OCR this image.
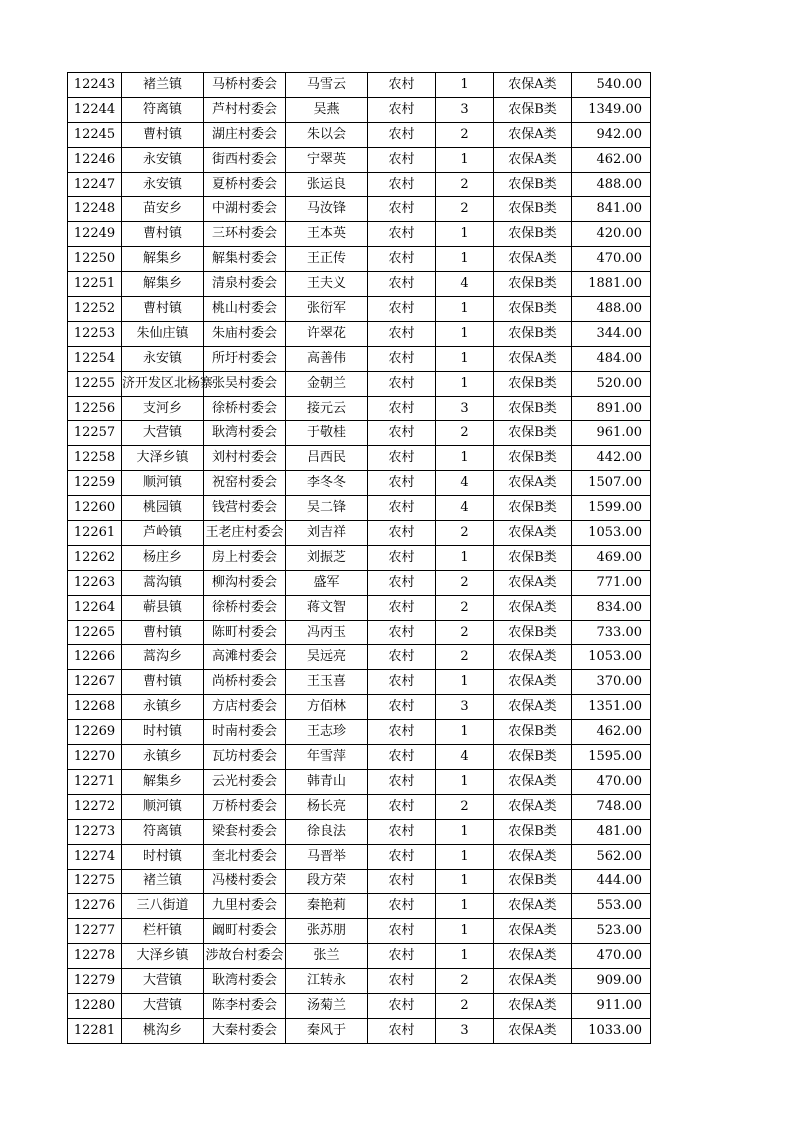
12243	褚兰镇	马桥村委会	马雪云	农村	1	农保A类	540.00
12244	符离镇	芦村村委会	吴燕	农村	3	农保B类	1349.00
12245	曹村镇	湖庄村委会	朱以会	农村	2	农保A类	942.00
12246	永安镇	街西村委会	宁翠英	农村	1	农保A类	462.00
12247	永安镇	夏桥村委会	张运良	农村	2	农保B类	488.00
12248	苗安乡	中湖村委会	马汝锋	农村	2	农保B类	841.00
12249	曹村镇	三环村委会	王本英	农村	1	农保B类	420.00
12250	解集乡	解集村委会	王正传	农村	1	农保A类	470.00
12251	解集乡	清泉村委会	王夫义	农村	4	农保B类	1881.00
12252	曹村镇	桃山村委会	张衍军	农村	1	农保B类	488.00
12253	朱仙庄镇	朱庙村委会	许翠花	农村	1	农保B类	344.00
12254	永安镇	所圩村委会	高善伟	农村	1	农保A类	484.00
12255	济开发区北杨寨	张吴村委会	金朝兰	农村	1	农保B类	520.00
12256	支河乡	徐桥村委会	接元云	农村	3	农保B类	891.00
12257	大营镇	耿湾村委会	于敬桂	农村	2	农保B类	961.00
12258	大泽乡镇	刘村村委会	吕西民	农村	1	农保B类	442.00
12259	顺河镇	祝窑村委会	李冬冬	农村	4	农保A类	1507.00
12260	桃园镇	钱营村委会	吴二锋	农村	4	农保B类	1599.00
12261	芦岭镇	王老庄村委会	刘吉祥	农村	2	农保A类	1053.00
12262	杨庄乡	房上村委会	刘振芝	农村	1	农保B类	469.00
12263	蒿沟镇	柳沟村委会	盛军	农村	2	农保A类	771.00
12264	蕲县镇	徐桥村委会	蒋文智	农村	2	农保A类	834.00
12265	曹村镇	陈町村委会	冯丙玉	农村	2	农保B类	733.00
12266	蒿沟乡	高滩村委会	吴远亮	农村	2	农保A类	1053.00
12267	曹村镇	尚桥村委会	王玉喜	农村	1	农保A类	370.00
12268	永镇乡	方店村委会	方佰林	农村	3	农保A类	1351.00
12269	时村镇	时南村委会	王志珍	农村	1	农保B类	462.00
12270	永镇乡	瓦坊村委会	年雪萍	农村	4	农保B类	1595.00
12271	解集乡	云光村委会	韩青山	农村	1	农保A类	470.00
12272	顺河镇	万桥村委会	杨长亮	农村	2	农保A类	748.00
12273	符离镇	梁套村委会	徐良法	农村	1	农保B类	481.00
12274	时村镇	奎北村委会	马晋举	农村	1	农保A类	562.00
12275	褚兰镇	冯楼村委会	段方荣	农村	1	农保B类	444.00
12276	三八街道	九里村委会	秦艳莉	农村	1	农保A类	553.00
12277	栏杆镇	阚町村委会	张苏朋	农村	1	农保A类	523.00
12278	大泽乡镇	涉故台村委会	张兰	农村	1	农保A类	470.00
12279	大营镇	耿湾村委会	江转永	农村	2	农保A类	909.00
12280	大营镇	陈李村委会	汤菊兰	农村	2	农保A类	911.00
12281	桃沟乡	大秦村委会	秦风于	农村	3	农保A类	1033.00
